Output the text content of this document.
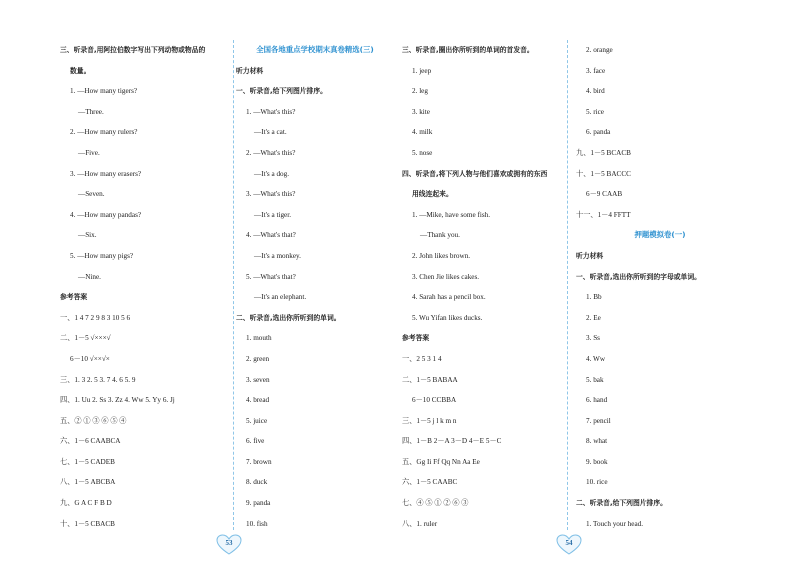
三、听录音,用阿拉伯数字写出下列动物或物品的
数量。
1. —How many tigers?
—Three.
2. —How many rulers?
—Five.
3. —How many erasers?
—Seven.
4. —How many pandas?
—Six.
5. —How many pigs?
—Nine.
参考答案
一、1 4 7 2 9 8 3 10 5 6
二、1－5 √×××√
6－10 √××√×
三、1. 3 2. 5 3. 7 4. 6 5. 9
四、1. Uu 2. Ss 3. Zz 4. Ww 5. Yy 6. Jj
五、② ① ③ ⑥ ⑤ ④
六、1－6 CAABCA
七、1－5 CADEB
八、1－5 ABCBA
九、G A C F B D
十、1－5 CBACB
全国各地重点学校期末真卷精选(三)
听力材料
一、听录音,给下列图片排序。
1. —What's this?
—It's a cat.
2. —What's this?
—It's a dog.
3. —What's this?
—It's a tiger.
4. —What's that?
—It's a monkey.
5. —What's that?
—It's an elephant.
二、听录音,选出你所听到的单词。
1. mouth
2. green
3. seven
4. bread
5. juice
6. five
7. brown
8. duck
9. panda
10. fish
三、听录音,圈出你所听到的单词的首发音。
1. jeep
2. leg
3. kite
4. milk
5. nose
四、听录音,将下列人物与他们喜欢或拥有的东西
用线连起来。
1. —Mike, have some fish.
—Thank you.
2. John likes brown.
3. Chen Jie likes cakes.
4. Sarah has a pencil box.
5. Wu Yifan likes ducks.
参考答案
一、2 5 3 1 4
二、1－5 BABAA
6－10 CCBBA
三、1－5 j l k m n
四、1－B 2－A 3－D 4－E 5－C
五、Gg Ii Ff Qq Nn Aa Ee
六、1－5 CAABC
七、④ ⑤ ① ② ⑥ ③
八、1. ruler
2. orange
3. face
4. bird
5. rice
6. panda
九、1－5 BCACB
十、1－5 BACCC
6－9 CAAB
十一、1－4 FFTT
押题模拟卷(一)
听力材料
一、听录音,选出你所听到的字母或单词。
1. Bb
2. Ee
3. Ss
4. Ww
5. bak
6. hand
7. pencil
8. what
9. book
10. rice
二、听录音,给下列图片排序。
1. Touch your head.
53	54
